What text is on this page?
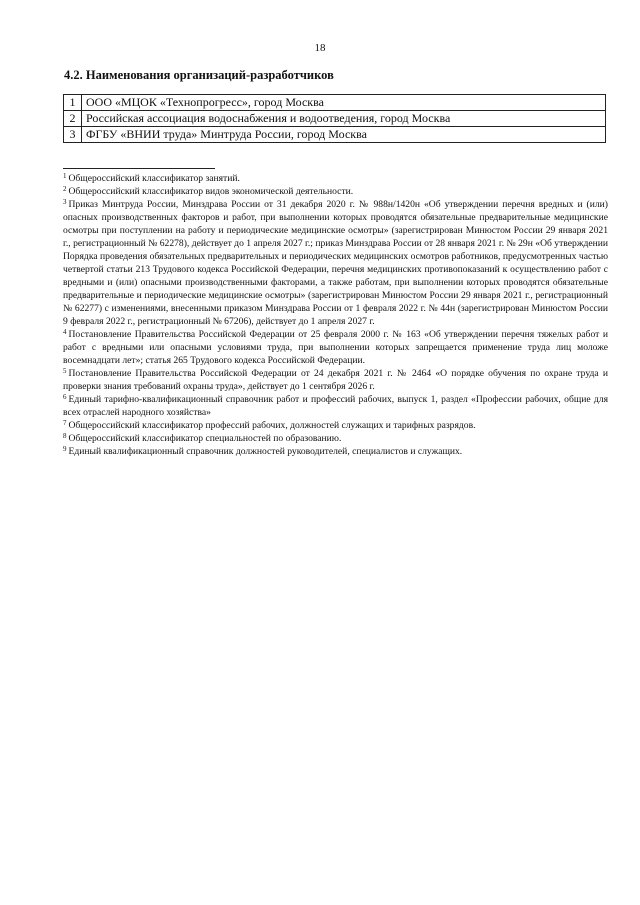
18
4.2. Наименования организаций-разработчиков
1	ООО «МЦОК «Технопрогресс», город Москва
2	Российская ассоциация водоснабжения и водоотведения, город Москва
3	ФГБУ «ВНИИ труда» Минтруда России, город Москва

$^1$ Общероссийский классификатор занятий.

$^2$ Общероссийский классификатор видов экономической деятельности.

$^3$ Приказ Минтруда России, Минздрава России от 31 декабря 2020 г. № 988н/1420н «Об утверждении перечня вредных и (или) опасных производственных факторов и работ, при выполнении которых проводятся обязательные предварительные медицинские осмотры при поступлении на работу и периодические медицинские осмотры» (зарегистрирован Минюстом России 29 января 2021 г., регистрационный № 62278), действует до 1 апреля 2027 г.; приказ Минздрава России от 28 января 2021 г. № 29н «Об утверждении Порядка проведения обязательных предварительных и периодических медицинских осмотров работников, предусмотренных частью четвертой статьи 213 Трудового кодекса Российской Федерации, перечня медицинских противопоказаний к осуществлению работ с вредными и (или) опасными производственными факторами, а также работам, при выполнении которых проводятся обязательные предварительные и периодические медицинские осмотры» (зарегистрирован Минюстом России 29 января 2021 г., регистрационный № 62277) с изменениями, внесенными приказом Минздрава России от 1 февраля 2022 г. № 44н (зарегистрирован Минюстом России 9 февраля 2022 г., регистрационный № 67206), действует до 1 апреля 2027 г.

$^4$ Постановление Правительства Российской Федерации от 25 февраля 2000 г. № 163 «Об утверждении перечня тяжелых работ и работ с вредными или опасными условиями труда, при выполнении которых запрещается применение труда лиц моложе восемнадцати лет»; статья 265 Трудового кодекса Российской Федерации.

$^5$ Постановление Правительства Российской Федерации от 24 декабря 2021 г. № 2464 «О порядке обучения по охране труда и проверки знания требований охраны труда», действует до 1 сентября 2026 г.

$^6$ Единый тарифно-квалификационный справочник работ и профессий рабочих, выпуск 1, раздел «Профессии рабочих, общие для всех отраслей народного хозяйства»

$^7$ Общероссийский классификатор профессий рабочих, должностей служащих и тарифных разрядов.

$^8$ Общероссийский классификатор специальностей по образованию.

$^9$ Единый квалификационный справочник должностей руководителей, специалистов и служащих.
